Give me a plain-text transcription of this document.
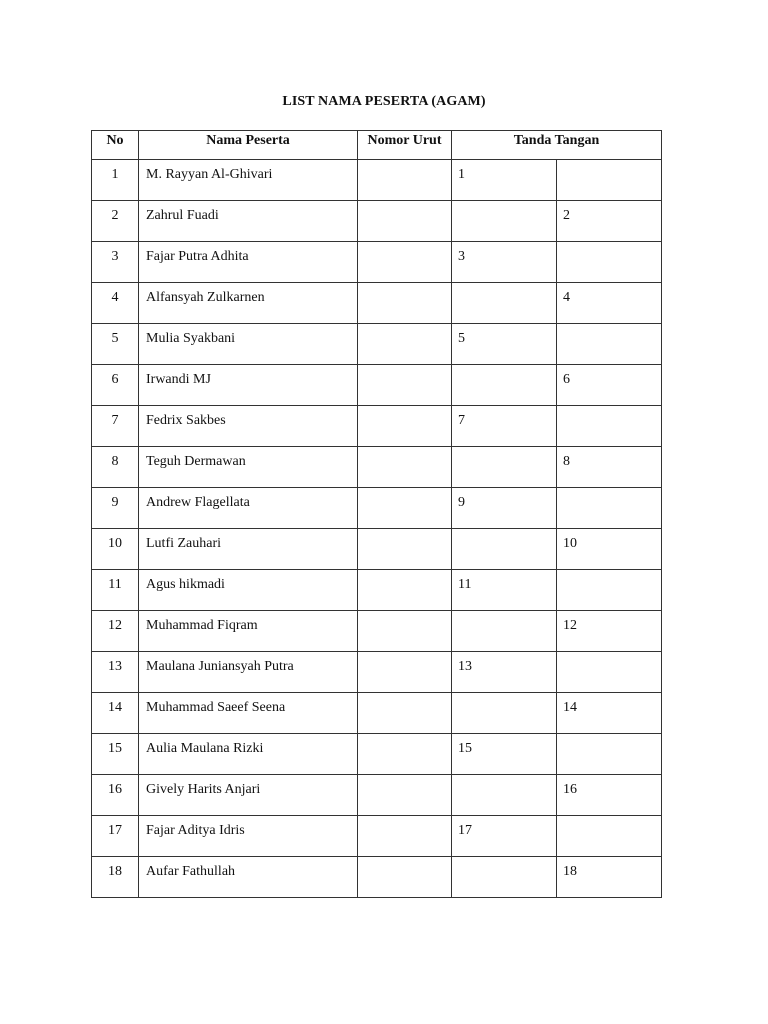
LIST NAMA PESERTA (AGAM)
No	Nama Peserta	Nomor Urut	Tanda Tangan	
1	M. Rayyan Al-Ghivari		1	
2	Zahrul Fuadi			2
3	Fajar Putra Adhita		3	
4	Alfansyah Zulkarnen			4
5	Mulia Syakbani		5	
6	Irwandi MJ			6
7	Fedrix Sakbes		7	
8	Teguh Dermawan			8
9	Andrew Flagellata		9	
10	Lutfi Zauhari			10
11	Agus hikmadi		11	
12	Muhammad Fiqram			12
13	Maulana Juniansyah Putra		13	
14	Muhammad Saeef Seena			14
15	Aulia Maulana Rizki		15	
16	Gively Harits Anjari			16
17	Fajar Aditya Idris		17	
18	Aufar Fathullah			18
